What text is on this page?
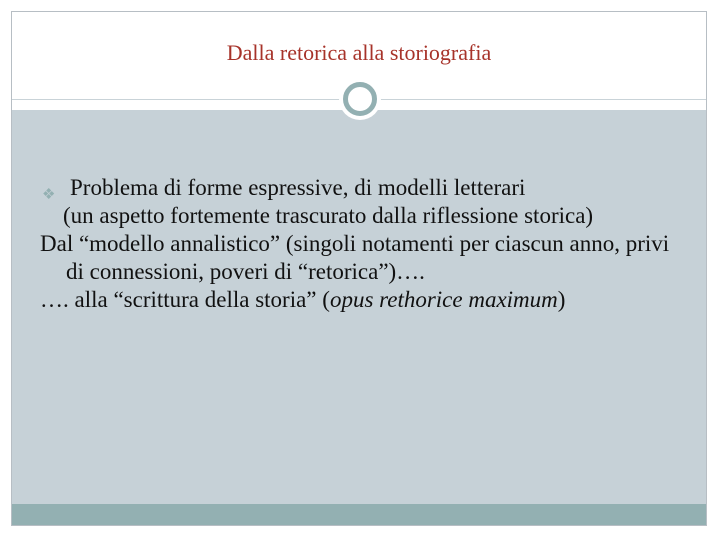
Dalla retorica alla storiografia

❖ Problema di forme espressive, di modelli letterari

(un aspetto fortemente trascurato dalla riflessione storica)

Dal “modello annalistico” (singoli notamenti per ciascun anno, privi di connessioni, poveri di “retorica”)….

…. alla “scrittura della storia” (opus rethorice maximum)
